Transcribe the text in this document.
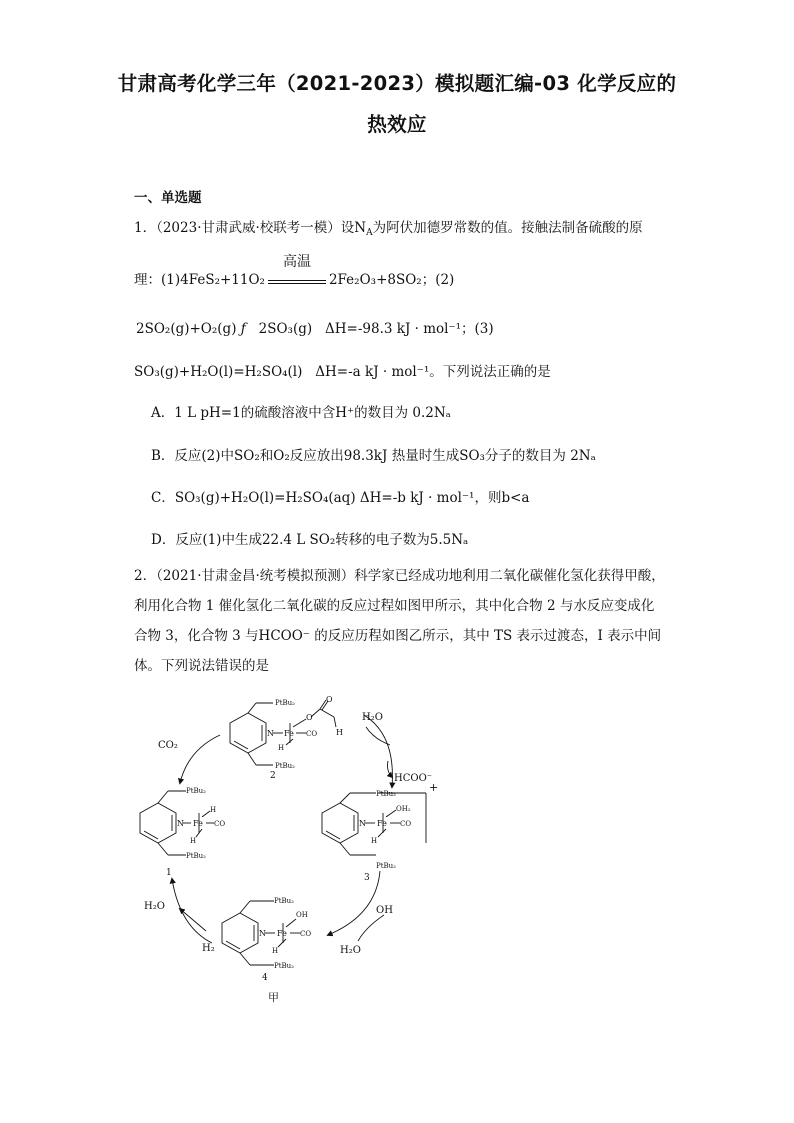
甘肃高考化学三年（2021-2023）模拟题汇编-03 化学反应的
热效应
一、单选题
1．（2023·甘肃武威·校联考一模）设$N_A$为阿伏加德罗常数的值。接触法制备硫酸的原
理：(1)4FeS₂+11O₂
高温
2Fe₂O₃+8SO₂；(2)
2SO₂(g)+O₂(g) ƒ 2SO₃(g) ΔH=-98.3 kJ · mol⁻¹；(3)
SO₃(g)+H₂O(l)=H₂SO₄(l) ΔH=-a kJ · mol⁻¹。下列说法正确的是
A．1 L pH=1的硫酸溶液中含H⁺的数目为 0.2Nₐ
B．反应(2)中SO₂和O₂反应放出98.3kJ 热量时生成SO₃分子的数目为 2Nₐ
C．SO₃(g)+H₂O(l)=H₂SO₄(aq) ΔH=-b kJ · mol⁻¹，则b<a
D．反应(1)中生成22.4 L SO₂转移的电子数为5.5Nₐ
2．（2021·甘肃金昌·统考模拟预测）科学家已经成功地利用二氧化碳催化氢化获得甲酸，
利用化合物 1 催化氢化二氧化碳的反应过程如图甲所示，其中化合物 2 与水反应变成化
合物 3，化合物 3 与HCOO⁻ 的反应历程如图乙所示，其中 TS 表示过渡态，I 表示中间
体。下列说法错误的是
CO₂
H₂O
HCOO⁻
OH
H₂O
H₂
H₂O
PtBu₂
PtBu₂
N Fe
O
O
H
CO
H
2
PtBu₂
PtBu₂
N Fe
OH₂
CO
H
+
3
PtBu₂
PtBu₂
N Fe
H
CO
H
1
PtBu₂
PtBu₂
N Fe
OH
CO
H
4
甲
